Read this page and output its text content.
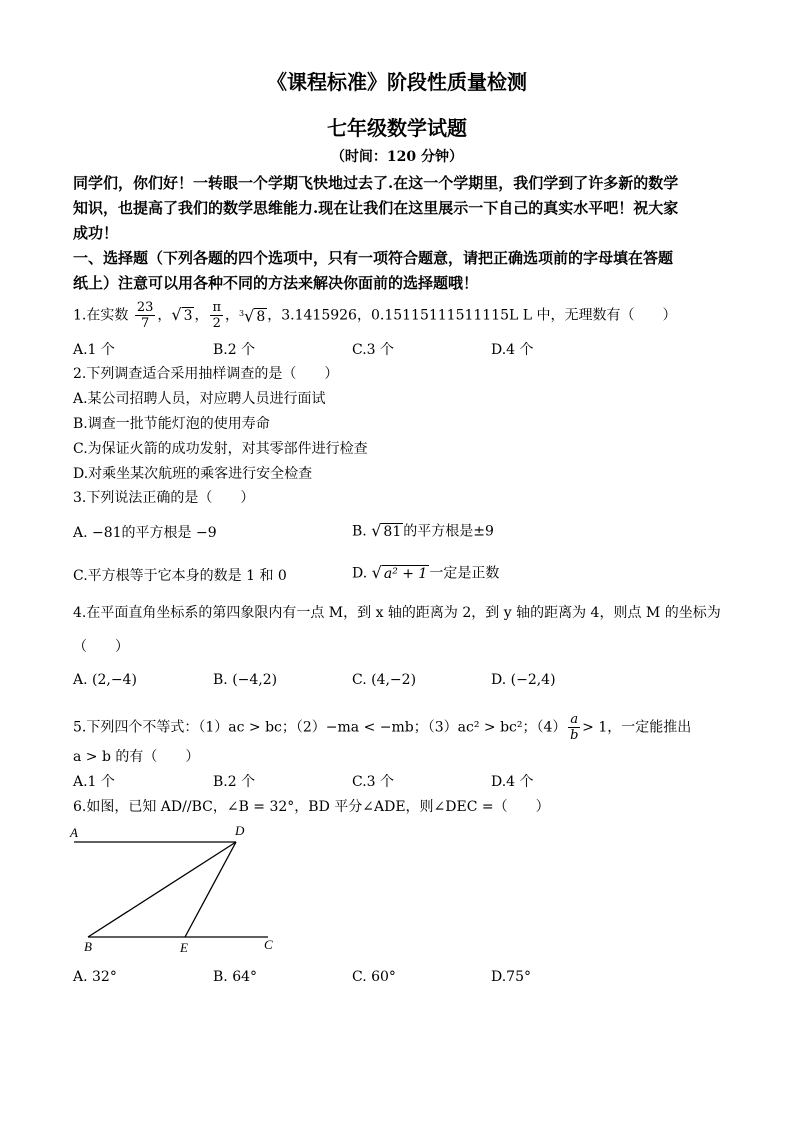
《课程标准》阶段性质量检测
七年级数学试题
（时间：120 分钟）
同学们，你们好！一转眼一个学期飞快地过去了.在这一个学期里，我们学到了许多新的数学
知识，也提高了我们的数学思维能力.现在让我们在这里展示一下自己的真实水平吧！祝大家
成功！
一、选择题（下列各题的四个选项中，只有一项符合题意，请把正确选项前的字母填在答题
纸上）注意可以用各种不同的方法来解决你面前的选择题哦！
1.在实数 $\frac{23}{7}$ ，√ 3 ， $\frac{\pi}{2}$ ，$^3$√ 8 ，3.1415926，0.15115111511115L L 中，无理数有（　　）
A.1 个	B.2 个	C.3 个	D.4 个
2.下列调查适合采用抽样调查的是（　　）
A.某公司招聘人员，对应聘人员进行面试
B.调查一批节能灯泡的使用寿命
C.为保证火箭的成功发射，对其零部件进行检查
D.对乘坐某次航班的乘客进行安全检查
3.下列说法正确的是（　　）
A. −81的平方根是 −9	B. √ 81 的平方根是±9
C.平方根等于它本身的数是 1 和 0	D. √ a² + 1 一定是正数
4.在平面直角坐标系的第四象限内有一点 M，到 x 轴的距离为 2，到 y 轴的距离为 4，则点 M 的坐标为
（　　）
A. (2,−4)	B. (−4,2)	C. (4,−2)	D. (−2,4)
5.下列四个不等式：（1）ac > bc；（2）−ma < −mb；（3）ac² > bc²；$(4) \frac{a}{b} > 1$，一定能推出
a > b 的有（　　）
A.1 个	B.2 个	C.3 个	D.4 个
6.如图，已知 AD//BC，∠B = 32°，BD 平分∠ADE，则∠DEC =（　　）
A	D
B	E	C
A. 32°	B. 64°	C. 60°	D.75°
